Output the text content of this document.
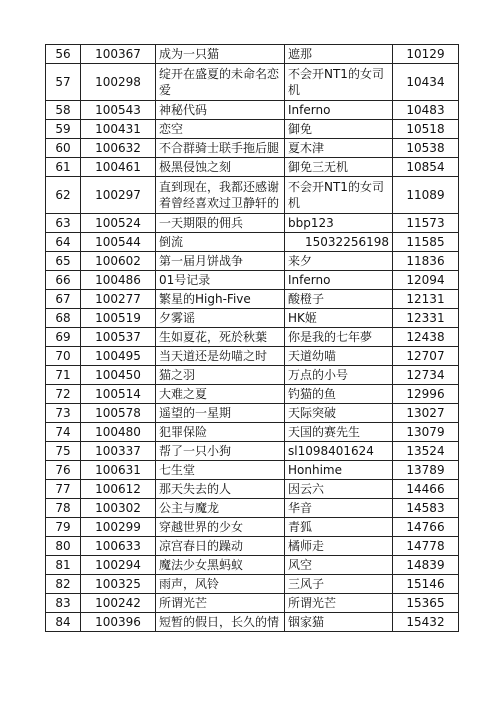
56	100367	成为一只猫	遮那	10129
57	100298	绽开在盛夏的未命名恋爱	不会开NT1的女司机	10434
58	100543	神秘代码	Inferno	10483
59	100431	恋空	御免	10518
60	100632	不合群骑士联手拖后腿	夏木津	10538
61	100461	极黑侵蚀之刻	御免三无机	10854
62	100297	直到现在，我都还感谢着曾经喜欢过卫静轩的	不会开NT1的女司机	11089
63	100524	一天期限的佣兵	bbp123	11573
64	100544	倒流	15032256198	11585
65	100602	第一届月饼战争	来夕	11836
66	100486	01号记录	Inferno	12094
67	100277	繁星的High-Five	酸橙子	12131
68	100519	夕雾谣	HK姬	12331
69	100537	生如夏花，死於秋葉	你是我的七年夢	12438
70	100495	当天道还是幼喵之时	天道幼喵	12707
71	100450	猫之羽	万点的小号	12734
72	100514	大难之夏	钓猫的鱼	12996
73	100578	遥望的一星期	天际突破	13027
74	100480	犯罪保险	天国的赛先生	13079
75	100337	帮了一只小狗	sl1098401624	13524
76	100631	七生堂	Honhime	13789
77	100612	那天失去的人	因云六	14466
78	100302	公主与魔龙	华音	14583
79	100299	穿越世界的少女	青狐	14766
80	100633	凉宫春日的躁动	橘师走	14778
81	100294	魔法少女黑蚂蚁	风空	14839
82	100325	雨声，风铃	三风子	15146
83	100242	所谓光芒	所谓光芒	15365
84	100396	短暂的假日，长久的情	铟家猫	15432
